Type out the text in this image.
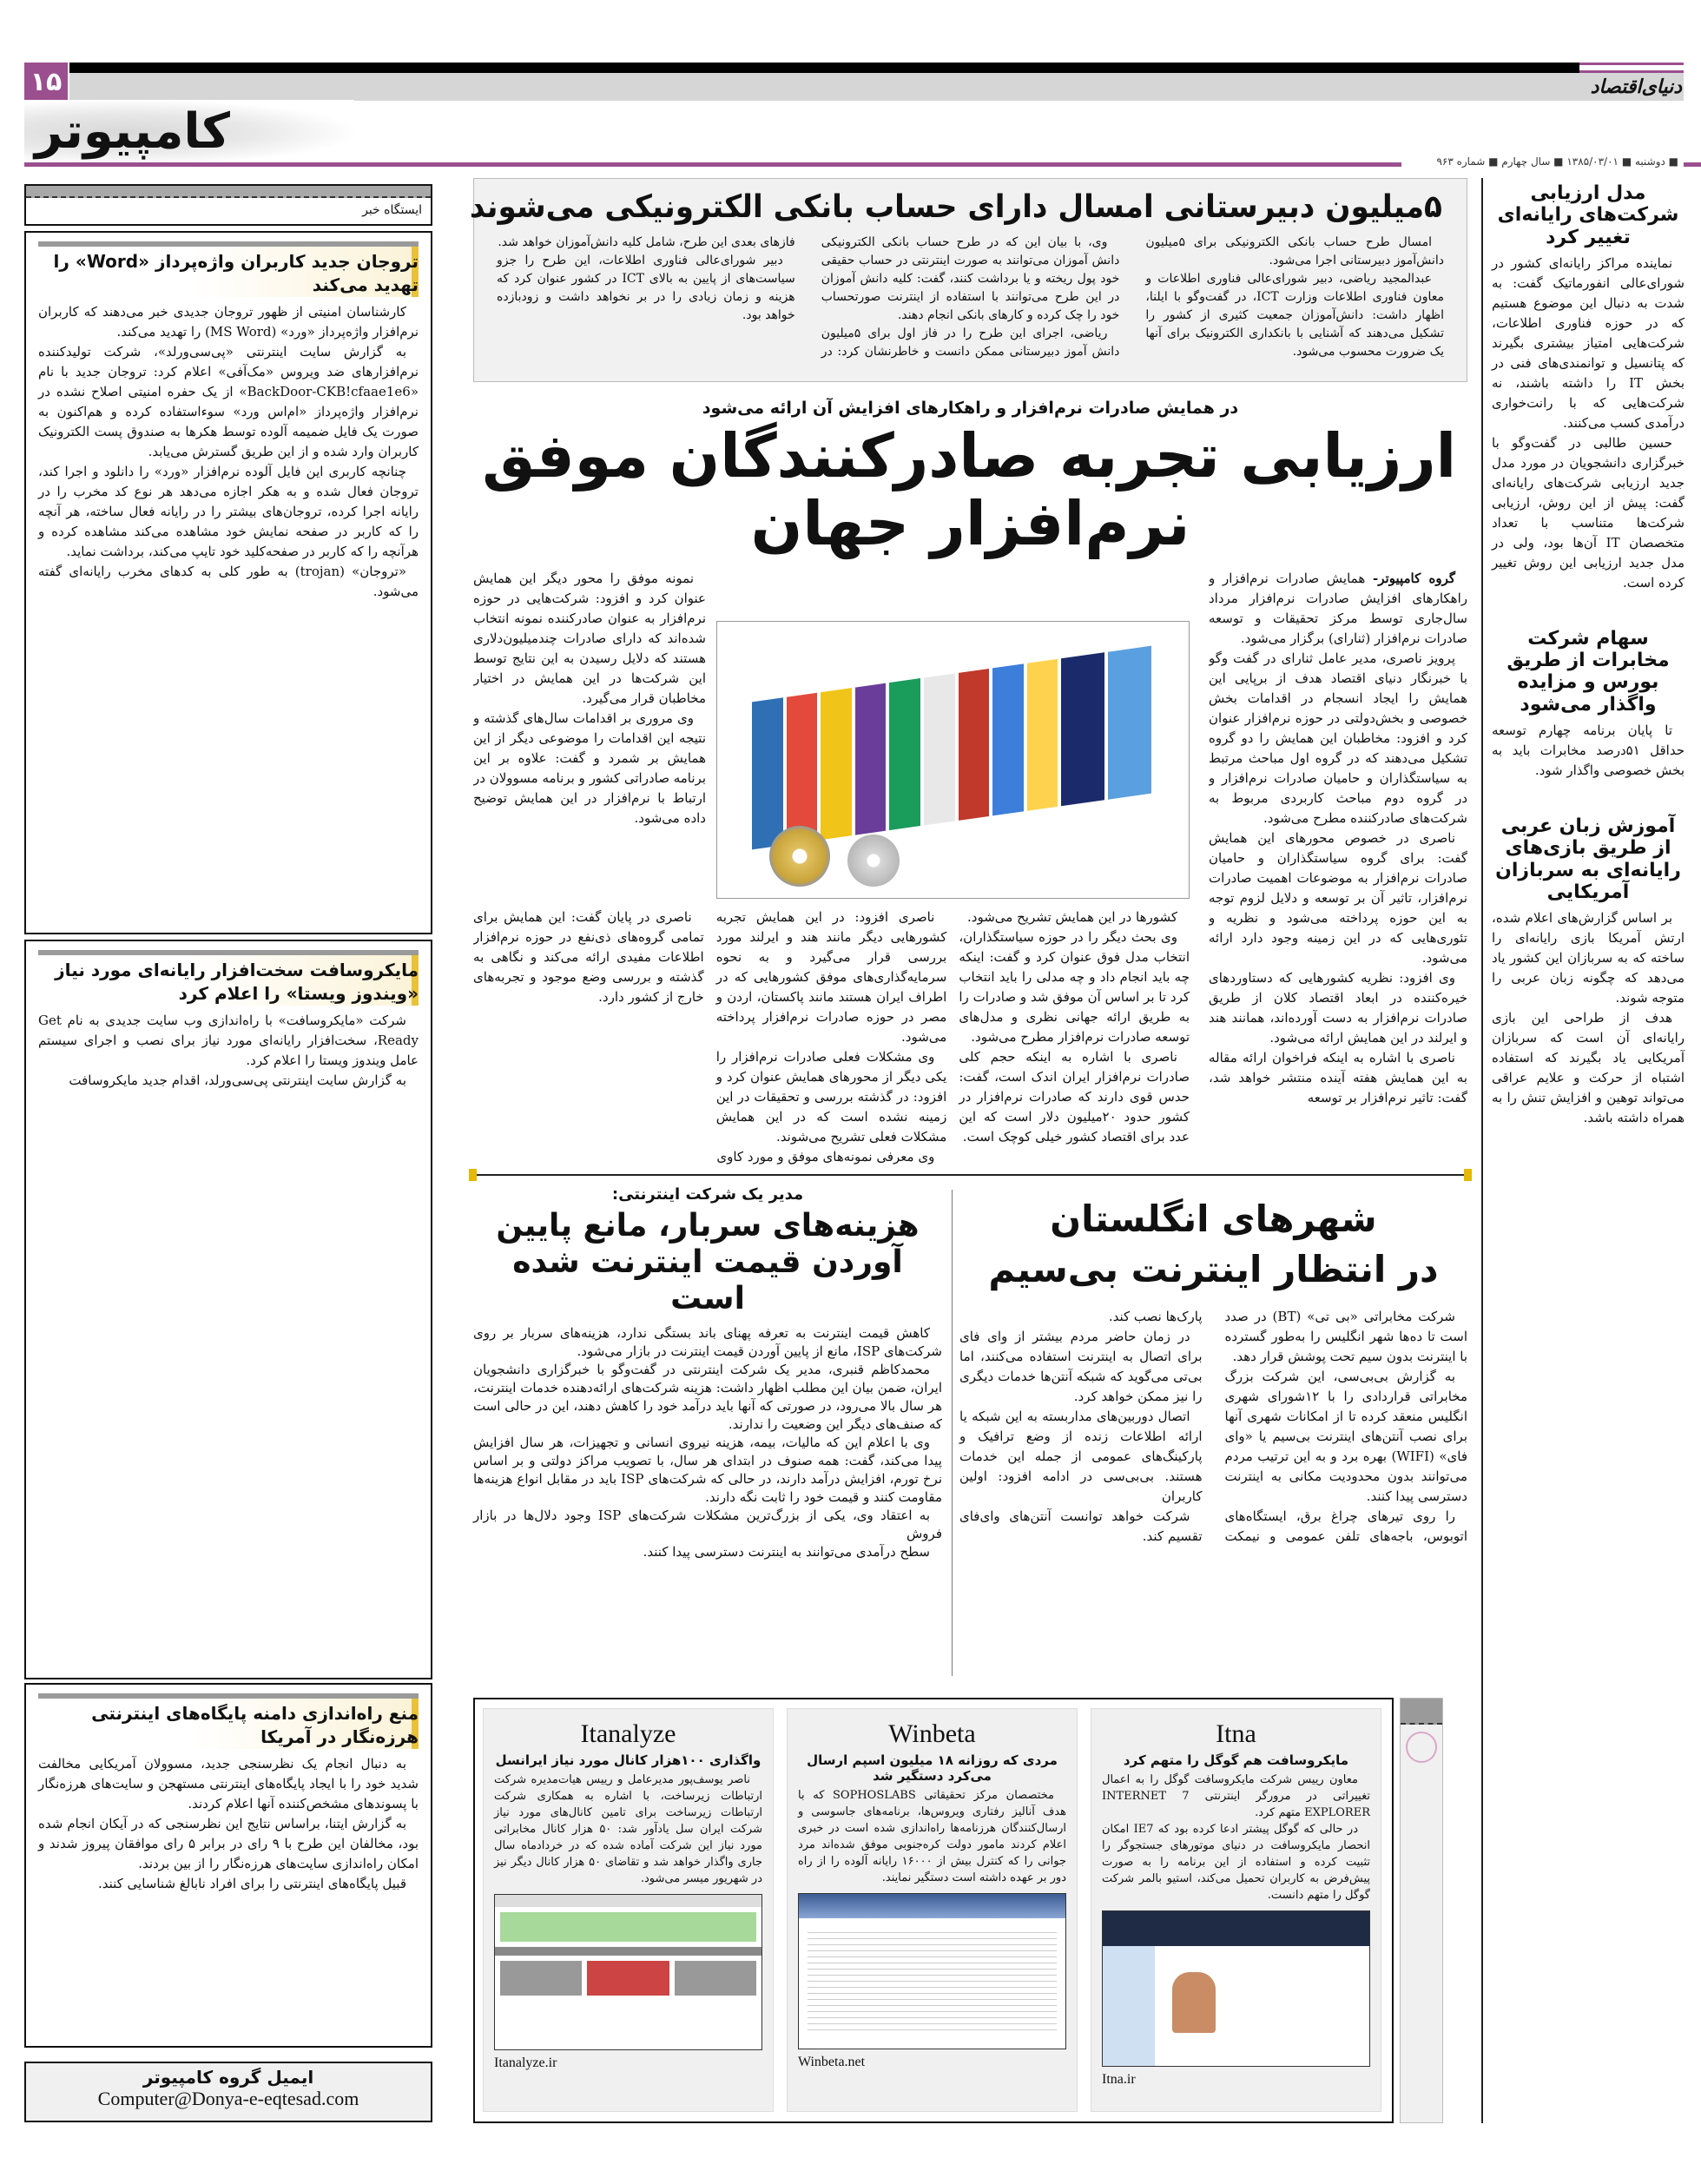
۱۵	دنیای‌اقتصاد
کامپیوتر
■ دوشنبه ■ ۱۳۸۵/۰۳/۰۱ ■ سال چهارم ■ شماره ۹۶۳
مدل ارزیابی شرکت‌های رایانه‌ای تغییر کرد

نماینده مراکز رایانه‌ای کشور در شورای‌عالی انفورماتیک گفت: به شدت به دنبال این موضوع هستیم که در حوزه فناوری اطلاعات، شرکت‌هایی امتیاز بیشتری بگیرند که پتانسیل و توانمندی‌های فنی در بخش IT را داشته باشند، نه شرکت‌هایی که با رانت‌خواری درآمدی کسب می‌کنند.

حسین طالبی در گفت‌وگو با خبرگزاری دانشجویان در مورد مدل جدید ارزیابی شرکت‌های رایانه‌ای گفت: پیش از این روش، ارزیابی شرکت‌ها متناسب با تعداد متخصصان IT آن‌ها بود، ولی در مدل جدید ارزیابی این روش تغییر کرده است.

سهام شرکت مخابرات از طریق بورس و مزایده واگذار می‌شود

تا پایان برنامه چهارم توسعه حداقل ۵۱درصد مخابرات باید به بخش خصوصی واگذار شود.

آموزش زبان عربی از طریق بازی‌های رایانه‌ای به سربازان آمریکایی

بر اساس گزارش‌های اعلام شده، ارتش آمریکا بازی رایانه‌ای را ساخته که به سربازان این کشور یاد می‌دهد که چگونه زبان عربی را متوجه شوند.

هدف از طراحی این بازی رایانه‌ای آن است که سربازان آمریکایی یاد بگیرند که استفاده اشتباه از حرکت و علایم عراقی می‌تواند توهین و افزایش تنش را به همراه داشته باشد.

۵میلیون دبیرستانی امسال دارای حساب بانکی الکترونیکی می‌شوند

امسال طرح حساب بانکی الکترونیکی برای ۵میلیون دانش‌آموز دبیرستانی اجرا می‌شود.

عبدالمجید ریاضی، دبیر شورای‌عالی فناوری اطلاعات و معاون فناوری اطلاعات وزارت ICT، در گفت‌وگو با ایلنا، اظهار داشت: دانش‌آموزان جمعیت کثیری از کشور را تشکیل می‌دهند که آشنایی با بانکداری الکترونیک برای آنها یک ضرورت محسوب می‌شود.

وی، با بیان این که در طرح حساب بانکی الکترونیکی دانش آموزان می‌توانند به صورت اینترنتی در حساب حقیقی خود پول ریخته و یا برداشت کنند، گفت: کلیه دانش آموزان در این طرح می‌توانند با استفاده از اینترنت صورتحساب خود را چک کرده و کارهای بانکی انجام دهند.

ریاضی، اجرای این طرح را در فاز اول برای ۵میلیون دانش آموز دبیرستانی ممکن دانست و خاطرنشان کرد: در فازهای بعدی این طرح، شامل کلیه دانش‌آموزان خواهد شد.

دبیر شورای‌عالی فناوری اطلاعات، این طرح را جزو سیاست‌های از پایین به بالای ICT در کشور عنوان کرد که هزینه و زمان زیادی را در بر نخواهد داشت و زودبازده خواهد بود.

در همایش صادرات نرم‌افزار و راهکارهای افزایش آن ارائه می‌شود
ارزیابی تجربه صادرکنندگان موفق
نرم‌افزار جهان

گروه کامپیوتر- همایش صادرات نرم‌افزار و راهکارهای افزایش صادرات نرم‌افزار مرداد سال‌جاری توسط مرکز تحقیقات و توسعه صادرات نرم‌افزار (ثنارای) برگزار می‌شود.

پرویز ناصری، مدیر عامل ثنارای در گفت وگو با خبرنگار دنیای اقتصاد هدف از برپایی این همایش را ایجاد انسجام در اقدامات بخش خصوصی و بخش‌دولتی در حوزه نرم‌افزار عنوان کرد و افزود: مخاطبان این همایش را دو گروه تشکیل می‌دهند که در گروه اول مباحث مرتبط به سیاستگذاران و حامیان صادرات نرم‌افزار و در گروه دوم مباحث کاربردی مربوط به شرکت‌های صادرکننده مطرح می‌شود.

ناصری در خصوص محورهای این همایش گفت: برای گروه سیاستگذاران و حامیان صادرات نرم‌افزار به موضوعات اهمیت صادرات نرم‌افزار، تاثیر آن بر توسعه و دلایل لزوم توجه به این حوزه پرداخته می‌شود و نظریه و تئوری‌هایی که در این زمینه وجود دارد ارائه می‌شود.

وی افزود: نظریه کشورهایی که دستاوردهای خیره‌کننده در ابعاد اقتصاد کلان از طریق صادرات نرم‌افزار به دست آورده‌اند، همانند هند و ایرلند در این همایش ارائه می‌شود.

ناصری با اشاره به اینکه فراخوان ارائه مقاله به این همایش هفته آینده منتشر خواهد شد، گفت: تاثیر نرم‌افزار بر توسعه

نمونه موفق را محور دیگر این همایش عنوان کرد و افزود: شرکت‌هایی در حوزه نرم‌افزار به عنوان صادرکننده نمونه انتخاب شده‌اند که دارای صادرات چندمیلیون‌دلاری هستند که دلایل رسیدن به این نتایج توسط این شرکت‌ها در این همایش در اختیار مخاطبان قرار می‌گیرد.

وی مروری بر اقدامات سال‌های گذشته و نتیجه این اقدامات را موضوعی دیگر از این همایش بر شمرد و گفت: علاوه بر این برنامه صادراتی کشور و برنامه مسوولان در ارتباط با نرم‌افزار در این همایش توضیح داده می‌شود.

کشورها در این همایش تشریح می‌شود.

وی بحث دیگر را در حوزه سیاستگذاران، انتخاب مدل فوق عنوان کرد و گفت: اینکه چه باید انجام داد و چه مدلی را باید انتخاب کرد تا بر اساس آن موفق شد و صادرات را به طریق ارائه جهانی نظری و مدل‌های توسعه صادرات نرم‌افزار مطرح می‌شود.

ناصری با اشاره به اینکه حجم کلی صادرات نرم‌افزار ایران اندک است، گفت: حدس قوی دارند که صادرات نرم‌افزار در کشور حدود ۲۰میلیون دلار است که این عدد برای اقتصاد کشور خیلی کوچک است.

ناصری افزود: در این همایش تجربه کشورهایی دیگر مانند هند و ایرلند مورد بررسی قرار می‌گیرد و به نحوه سرمایه‌گذاری‌های موفق کشورهایی که در اطراف ایران هستند مانند پاکستان، اردن و مصر در حوزه صادرات نرم‌افزار پرداخته می‌شود.

وی مشکلات فعلی صادرات نرم‌افزار را یکی دیگر از محورهای همایش عنوان کرد و افزود: در گذشته بررسی و تحقیقات در این زمینه نشده است که در این همایش مشکلات فعلی تشریح می‌شوند.

وی معرفی نمونه‌های موفق و مورد کاوی

ناصری در پایان گفت: این همایش برای تمامی گروه‌های ذی‌نفع در حوزه نرم‌افزار اطلاعات مفیدی ارائه می‌کند و نگاهی به گذشته و بررسی وضع موجود و تجربه‌های خارج از کشور دارد.

شهرهای انگلستان
در انتظار اینترنت بی‌سیم

شرکت مخابراتی «بی تی» (BT) در صدد است تا ده‌ها شهر انگلیس را به‌طور گسترده با اینترنت بدون سیم تحت پوشش قرار دهد.

به گزارش بی‌بی‌سی، این شرکت بزرگ مخابراتی قراردادی را با ۱۲شورای شهری انگلیس منعقد کرده تا از امکانات شهری آنها برای نصب آنتن‌های اینترنت بی‌سیم یا «وای فای» (WIFI) بهره برد و به این ترتیب مردم می‌توانند بدون محدودیت مکانی به اینترنت دسترسی پیدا کنند.

را روی تیرهای چراغ برق، ایستگاه‌های اتوبوس، باجه‌های تلفن عمومی و نیمکت پارک‌ها نصب کند.

در زمان حاضر مردم بیشتر از وای فای برای اتصال به اینترنت استفاده می‌کنند، اما بی‌تی می‌گوید که شبکه آنتن‌ها خدمات دیگری را نیز ممکن خواهد کرد.

اتصال دوربین‌های مداربسته به این شبکه یا ارائه اطلاعات زنده از وضع ترافیک و پارکینگ‌های عمومی از جمله این خدمات هستند. بی‌بی‌سی در ادامه افزود: اولین کاربران

شرکت خواهد توانست آنتن‌های وای‌فای تقسیم کند.

مدیر یک شرکت اینترنتی:
هزینه‌های سربار، مانع پایین آوردن قیمت اینترنت شده است

کاهش قیمت اینترنت به تعرفه پهنای باند بستگی ندارد، هزینه‌های سربار بر روی شرکت‌های ISP، مانع از پایین آوردن قیمت اینترنت در بازار می‌شود.

محمدکاظم قنبری، مدیر یک شرکت اینترنتی در گفت‌وگو با خبرگزاری دانشجویان ایران، ضمن بیان این مطلب اظهار داشت: هزینه شرکت‌های ارائه‌دهنده خدمات اینترنت، هر سال بالا می‌رود، در صورتی که آنها باید درآمد خود را کاهش دهند، این در حالی است که صنف‌های دیگر این وضعیت را ندارند.

وی با اعلام این که مالیات، بیمه، هزینه نیروی انسانی و تجهیزات، هر سال افزایش پیدا می‌کند، گفت: همه صنوف در ابتدای هر سال، با تصویب مراکز دولتی و بر اساس نرخ تورم، افزایش درآمد دارند، در حالی که شرکت‌های ISP باید در مقابل انواع هزینه‌ها مقاومت کنند و قیمت خود را ثابت نگه دارند.

به اعتقاد وی، یکی از بزرگ‌ترین مشکلات شرکت‌های ISP وجود دلال‌ها در بازار فروش

سطح درآمدی می‌توانند به اینترنت دسترسی پیدا کنند.

Itna
مایکروسافت هم گوگل را متهم کرد

معاون رییس شرکت مایکروسافت گوگل را به اعمال تغییراتی در مرورگر اینترنتی INTERNET 7 EXPLORER متهم کرد.

در حالی که گوگل پیشتر ادعا کرده بود که IE7 امکان انحصار مایکروسافت در دنیای موتورهای جستجوگر را تثبیت کرده و استفاده از این برنامه را به صورت پیش‌فرض به کاربران تحمیل می‌کند، استیو بالمر شرکت گوگل را متهم دانست.

Itna.ir
Winbeta
مردی که روزانه ۱۸ میلیون اسپم ارسال می‌کرد دستگیر شد

مختصصان مرکز تحقیقاتی SOPHOSLABS که با هدف آنالیز رفتاری ویروس‌ها، برنامه‌های جاسوسی و ارسال‌کنندگان هرزنامه‌ها راه‌اندازی شده است در خبری اعلام کردند مامور دولت کره‌جنوبی موفق شده‌اند مرد جوانی را که کنترل بیش از ۱۶۰۰۰ رایانه آلوده را از راه دور بر عهده داشته است دستگیر نمایند.

Winbeta.net
Itanalyze
واگذاری ۱۰۰هزار کانال مورد نیاز ایرانسل

ناصر یوسف‌پور مدیرعامل و رییس هیات‌مدیره شرکت ارتباطات زیرساخت، با اشاره به همکاری شرکت ارتباطات زیرساخت برای تامین کانال‌های مورد نیاز شرکت ایران سل یادآور شد: ۵۰ هزار کانال مخابراتی مورد نیاز این شرکت آماده شده که در خردادماه سال جاری واگذار خواهد شد و تقاضای ۵۰ هزار کانال دیگر نیز در شهریور میسر می‌شود.

Itanalyze.ir
ایستگاه خبر
تروجان جدید کاربران واژه‌پرداز «Word» را تهدید می‌کند

کارشناسان امنیتی از ظهور تروجان جدیدی خبر می‌دهند که کاربران نرم‌افزار واژه‌پرداز «ورد» (MS Word) را تهدید می‌کند.

به گزارش سایت اینترنتی «پی‌سی‌ورلد»، شرکت تولیدکننده نرم‌افزارهای ضد ویروس «مک‌آفی» اعلام کرد: تروجان جدید با نام «BackDoor-CKB!cfaae1e6» از یک حفره امنیتی اصلاح نشده در نرم‌افزار واژه‌پرداز «ام‌اس ورد» سوءاستفاده کرده و هم‌اکنون به صورت یک فایل ضمیمه آلوده توسط هکرها به صندوق پست الکترونیک کاربران وارد شده و از این طریق گسترش می‌یابد.

چنانچه کاربری این فایل آلوده نرم‌افزار «ورد» را دانلود و اجرا کند، تروجان فعال شده و به هکر اجازه می‌دهد هر نوع کد مخرب را در رایانه اجرا کرده، تروجان‌های بیشتر را در رایانه فعال ساخته، هر آنچه را که کاربر در صفحه نمایش خود مشاهده می‌کند مشاهده کرده و هرآنچه را که کاربر در صفحه‌کلید خود تایپ می‌کند، برداشت نماید.

«تروجان» (trojan) به طور کلی به کدهای مخرب رایانه‌ای گفته می‌شود.

مایکروسافت سخت‌افزار رایانه‌ای مورد نیاز «ویندوز ویستا» را اعلام کرد

شرکت «مایکروسافت» با راه‌اندازی وب سایت جدیدی به نام Get Ready، سخت‌افزار رایانه‌ای مورد نیاز برای نصب و اجرای سیستم عامل ویندوز ویستا را اعلام کرد.

به گزارش سایت اینترنتی پی‌سی‌ورلد، اقدام جدید مایکروسافت

منع راه‌اندازی دامنه پایگاه‌های اینترنتی هرزه‌نگار در آمریکا

به دنبال انجام یک نظرسنجی جدید، مسوولان آمریکایی مخالفت شدید خود را با ایجاد پایگاه‌های اینترنتی مستهجن و سایت‌های هرزه‌نگار با پسوندهای مشخص‌کننده آنها اعلام کردند.

به گزارش ایتنا، براساس نتایج این نظرسنجی که در آیکان انجام شده بود، مخالفان این طرح با ۹ رای در برابر ۵ رای موافقان پیروز شدند و امکان راه‌اندازی سایت‌های هرزه‌نگار را از بین بردند.

قبیل پایگاه‌های اینترنتی را برای افراد نابالغ شناسایی کنند.

ایمیل گروه کامپیوتر
Computer@Donya-e-eqtesad.com
